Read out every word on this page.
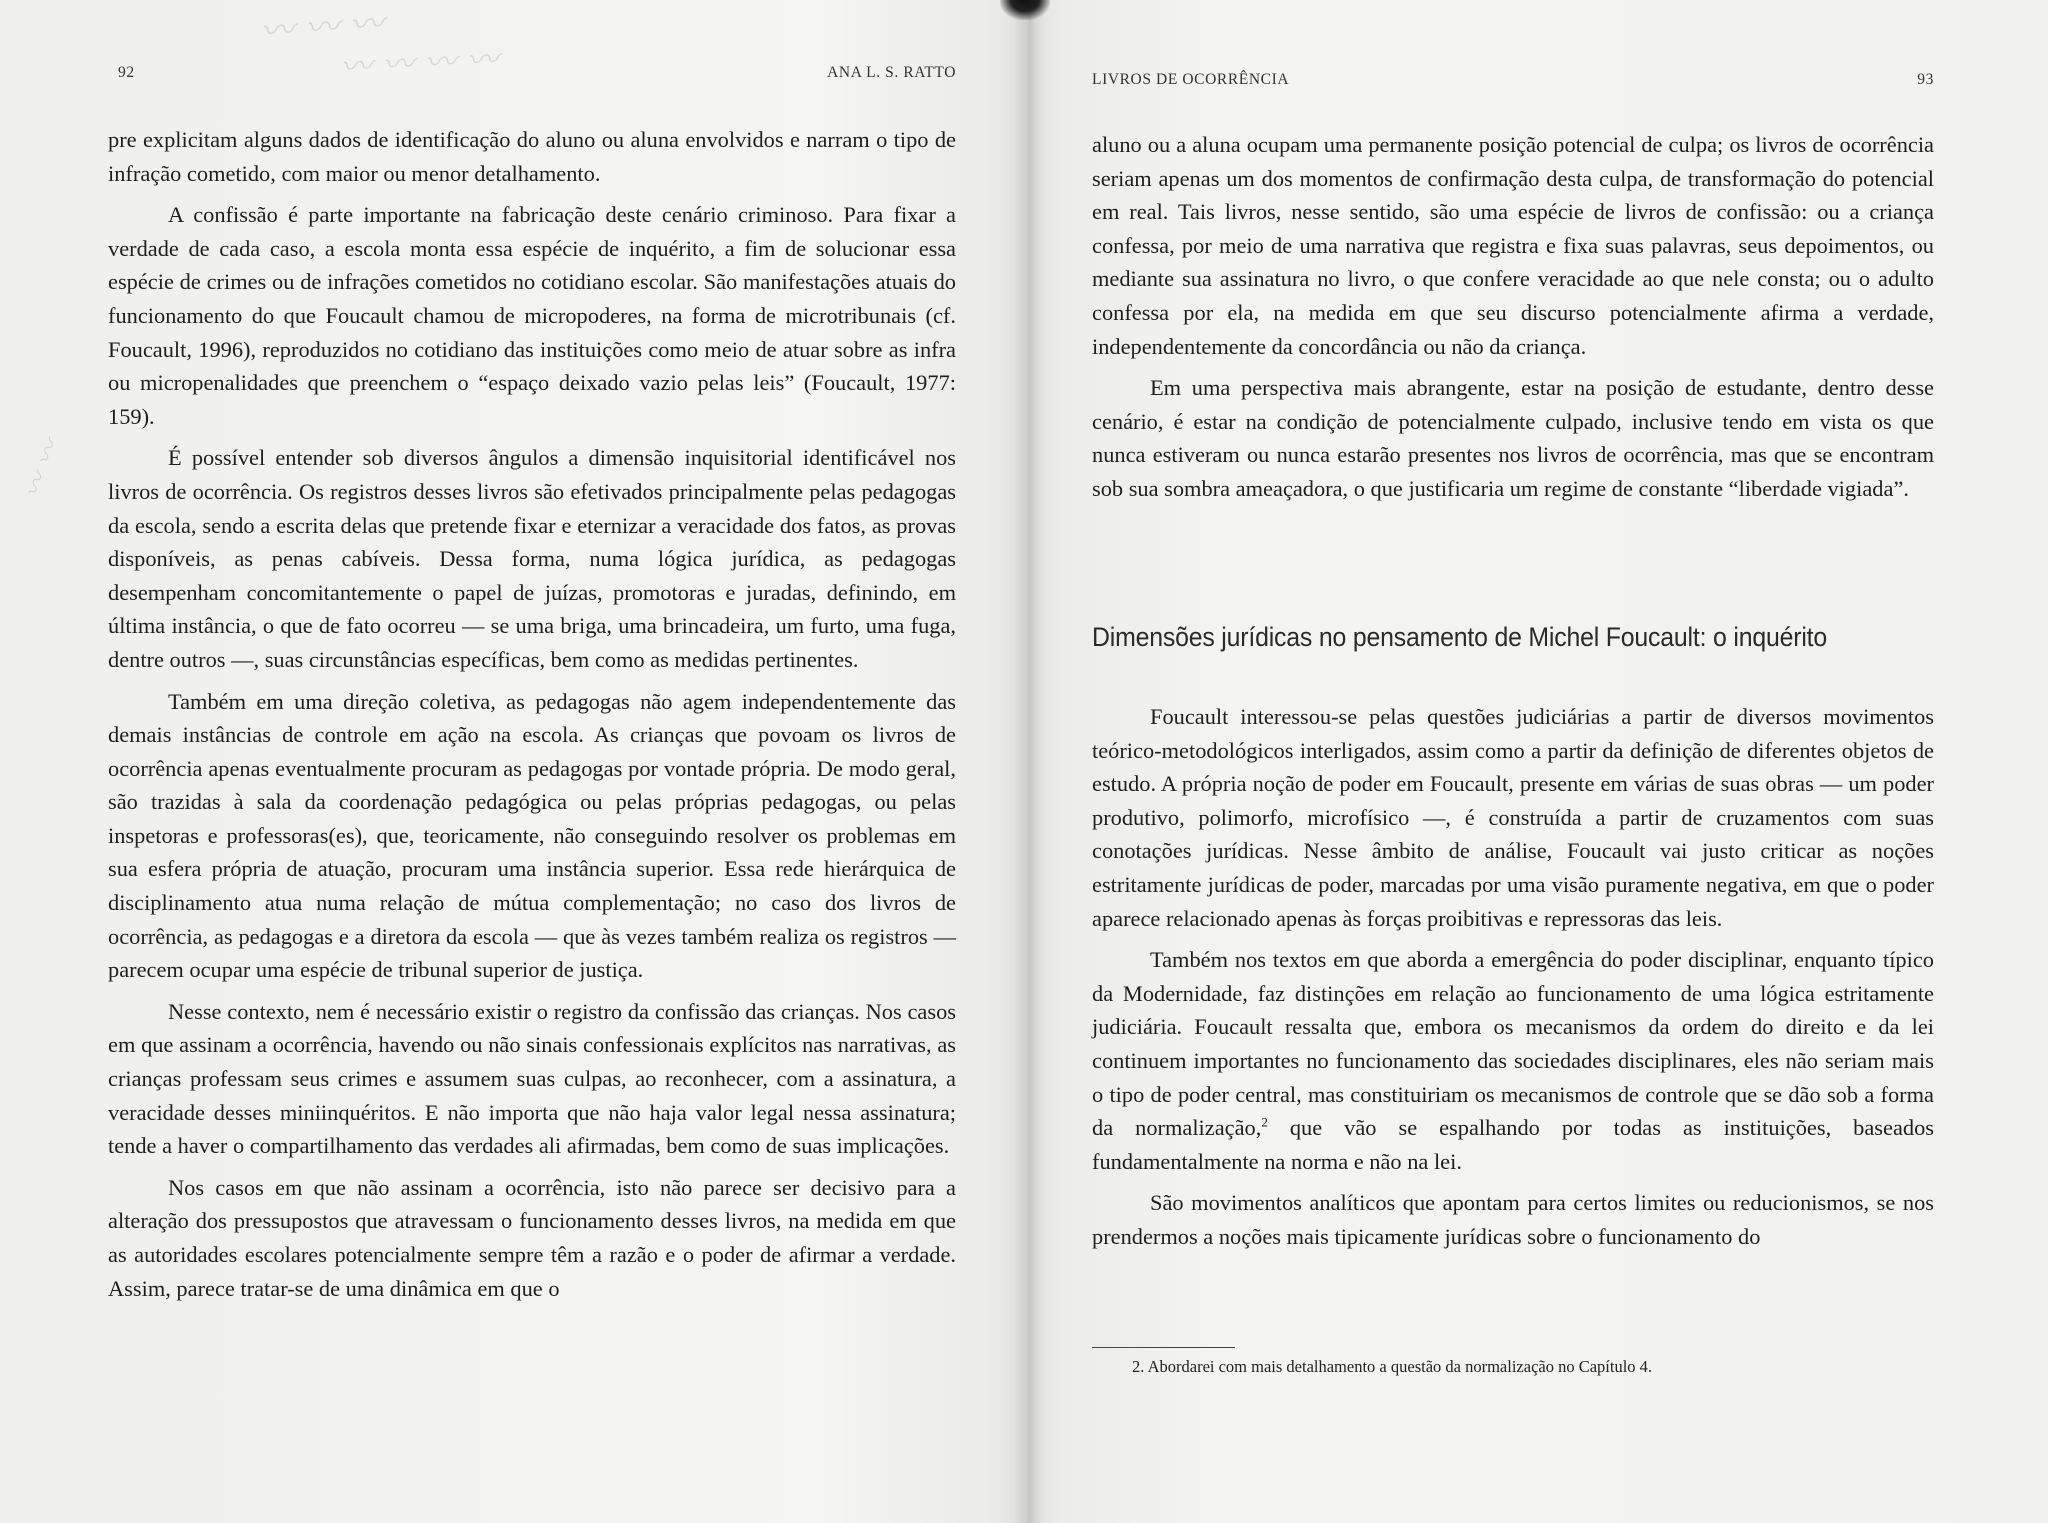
〰 〰 〰
〰 〰 〰 〰
〰 〰
92	ANA L. S. RATTO

pre explicitam alguns dados de identificação do aluno ou aluna envolvidos e narram o tipo de infração cometido, com maior ou menor detalhamento.

A confissão é parte importante na fabricação deste cenário criminoso. Para fixar a verdade de cada caso, a escola monta essa espécie de inquérito, a fim de solucionar essa espécie de crimes ou de infrações cometidos no cotidiano escolar. São manifestações atuais do funcionamento do que Foucault chamou de micropoderes, na forma de microtribunais (cf. Foucault, 1996), reproduzidos no cotidiano das instituições como meio de atuar sobre as infra ou micropenalidades que preenchem o “espaço deixado vazio pelas leis” (Foucault, 1977: 159).

É possível entender sob diversos ângulos a dimensão inquisitorial identificável nos livros de ocorrência. Os registros desses livros são efetivados principalmente pelas pedagogas da escola, sendo a escrita delas que pretende fixar e eternizar a veracidade dos fatos, as provas disponíveis, as penas cabíveis. Dessa forma, numa lógica jurídica, as pedagogas desempenham concomitantemente o papel de juízas, promotoras e juradas, definindo, em última instância, o que de fato ocorreu — se uma briga, uma brincadeira, um furto, uma fuga, dentre outros —, suas circunstâncias específicas, bem como as medidas pertinentes.

Também em uma direção coletiva, as pedagogas não agem independentemente das demais instâncias de controle em ação na escola. As crianças que povoam os livros de ocorrência apenas eventualmente procuram as pedagogas por vontade própria. De modo geral, são trazidas à sala da coordenação pedagógica ou pelas próprias pedagogas, ou pelas inspetoras e professoras(es), que, teoricamente, não conseguindo resolver os problemas em sua esfera própria de atuação, procuram uma instância superior. Essa rede hierárquica de disciplinamento atua numa relação de mútua complementação; no caso dos livros de ocorrência, as pedagogas e a diretora da escola — que às vezes também realiza os registros — parecem ocupar uma espécie de tribunal superior de justiça.

Nesse contexto, nem é necessário existir o registro da confissão das crianças. Nos casos em que assinam a ocorrência, havendo ou não sinais confessionais explícitos nas narrativas, as crianças professam seus crimes e assumem suas culpas, ao reconhecer, com a assinatura, a veracidade desses miniinquéritos. E não importa que não haja valor legal nessa assinatura; tende a haver o compartilhamento das verdades ali afirmadas, bem como de suas implicações.

Nos casos em que não assinam a ocorrência, isto não parece ser decisivo para a alteração dos pressupostos que atravessam o funcionamento desses livros, na medida em que as autoridades escolares potencialmente sempre têm a razão e o poder de afirmar a verdade. Assim, parece tratar-se de uma dinâmica em que o

LIVROS DE OCORRÊNCIA	93

aluno ou a aluna ocupam uma permanente posição potencial de culpa; os livros de ocorrência seriam apenas um dos momentos de confirmação desta culpa, de transformação do potencial em real. Tais livros, nesse sentido, são uma espécie de livros de confissão: ou a criança confessa, por meio de uma narrativa que registra e fixa suas palavras, seus depoimentos, ou mediante sua assinatura no livro, o que confere veracidade ao que nele consta; ou o adulto confessa por ela, na medida em que seu discurso potencialmente afirma a verdade, independentemente da concordância ou não da criança.

Em uma perspectiva mais abrangente, estar na posição de estudante, dentro desse cenário, é estar na condição de potencialmente culpado, inclusive tendo em vista os que nunca estiveram ou nunca estarão presentes nos livros de ocorrência, mas que se encontram sob sua sombra ameaçadora, o que justificaria um regime de constante “liberdade vigiada”.

Dimensões jurídicas no pensamento de Michel Foucault: o inquérito

Foucault interessou-se pelas questões judiciárias a partir de diversos movimentos teórico-metodológicos interligados, assim como a partir da definição de diferentes objetos de estudo. A própria noção de poder em Foucault, presente em várias de suas obras — um poder produtivo, polimorfo, microfísico —, é construída a partir de cruzamentos com suas conotações jurídicas. Nesse âmbito de análise, Foucault vai justo criticar as noções estritamente jurídicas de poder, marcadas por uma visão puramente negativa, em que o poder aparece relacionado apenas às forças proibitivas e repressoras das leis.

Também nos textos em que aborda a emergência do poder disciplinar, enquanto típico da Modernidade, faz distinções em relação ao funcionamento de uma lógica estritamente judiciária. Foucault ressalta que, embora os mecanismos da ordem do direito e da lei continuem importantes no funcionamento das sociedades disciplinares, eles não seriam mais o tipo de poder central, mas constituiriam os mecanismos de controle que se dão sob a forma da normalização,$^2$ que vão se espalhando por todas as instituições, baseados fundamentalmente na norma e não na lei.

São movimentos analíticos que apontam para certos limites ou reducionismos, se nos prendermos a noções mais tipicamente jurídicas sobre o funcionamento do

2. Abordarei com mais detalhamento a questão da normalização no Capítulo 4.
